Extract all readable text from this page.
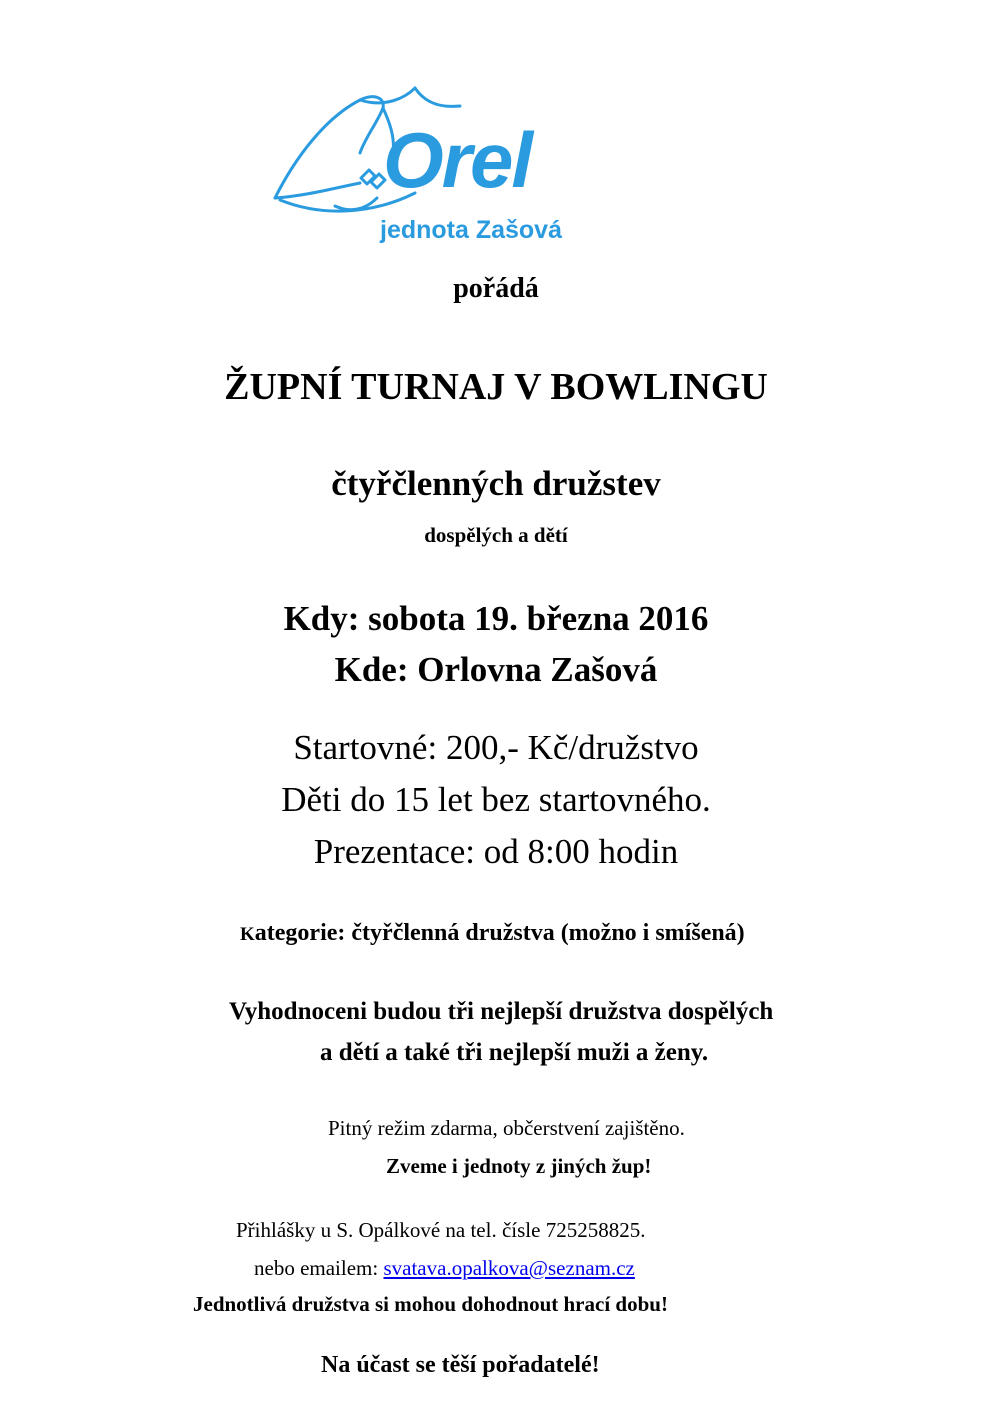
Orel
jednota Zašová
pořádá
ŽUPNÍ TURNAJ V BOWLINGU
čtyřčlenných družstev
dospělých a dětí
Kdy: sobota 19. března 2016
Kde: Orlovna Zašová
Startovné: 200,- Kč/družstvo
Děti do 15 let bez startovného.
Prezentace: od 8:00 hodin
Kategorie: čtyřčlenná družstva (možno i smíšená)
Vyhodnoceni budou tři nejlepší družstva dospělých
a dětí a také tři nejlepší muži a ženy.
Pitný režim zdarma, občerstvení zajištěno.
Zveme i jednoty z jiných žup!
Přihlášky u S. Opálkové na tel. čísle 725258825.
nebo emailem: svatava.opalkova@seznam.cz
Jednotlivá družstva si mohou dohodnout hrací dobu!
Na účast se těší pořadatelé!
